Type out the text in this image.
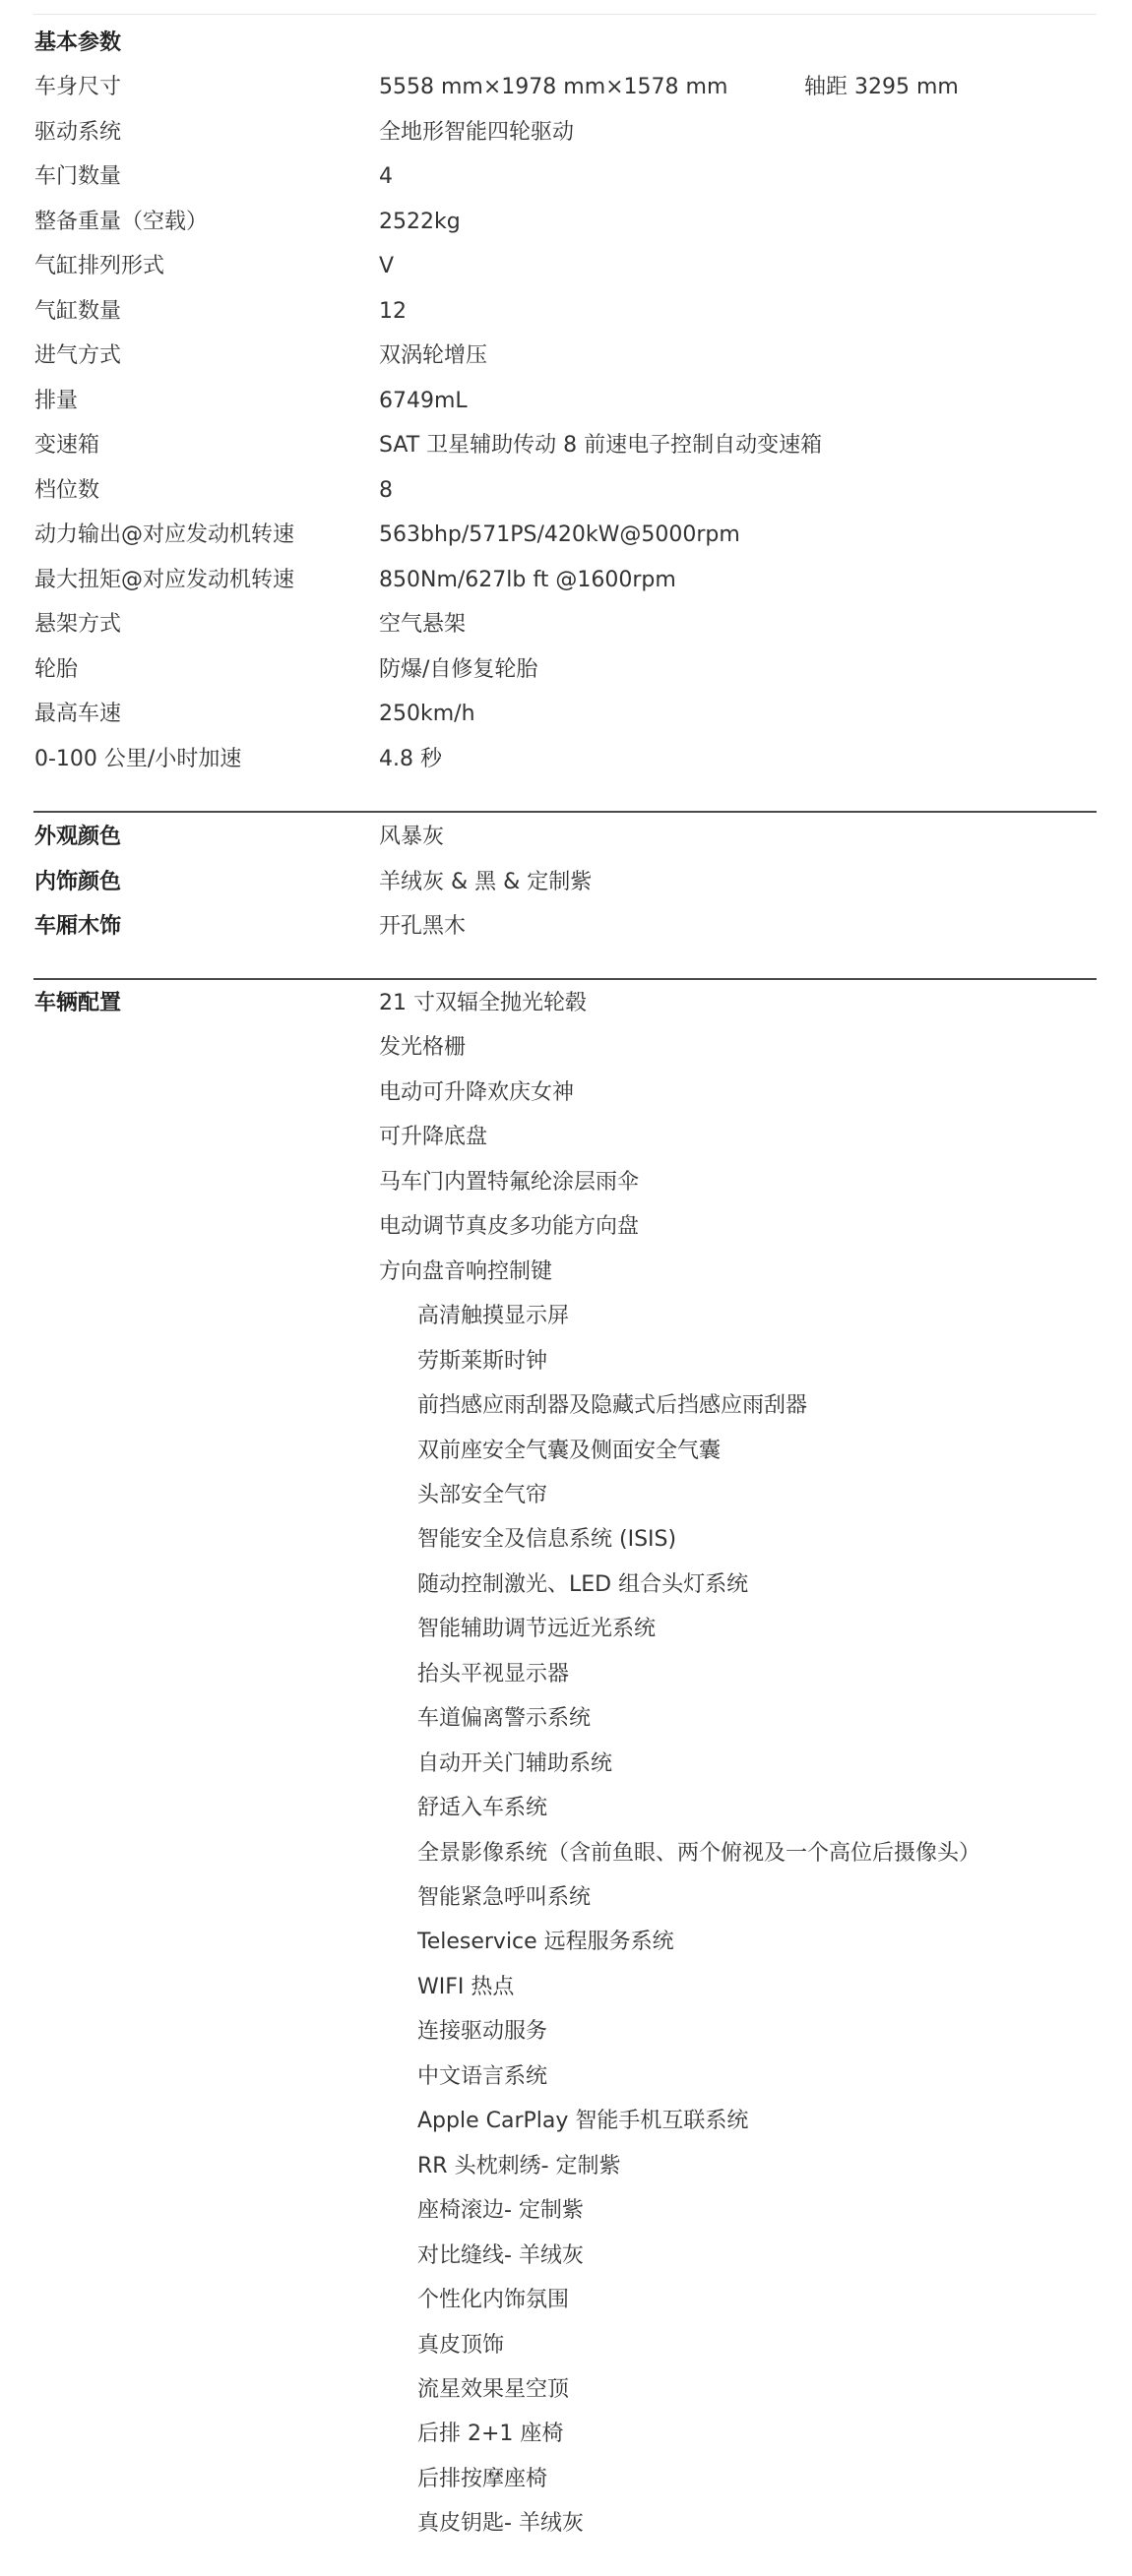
基本参数
车身尺寸	5558 mm×1978 mm×1578 mm	轴距 3295 mm
驱动系统	全地形智能四轮驱动
车门数量	4
整备重量（空载）	2522kg
气缸排列形式	V
气缸数量	12
进气方式	双涡轮增压
排量	6749mL
变速箱	SAT 卫星辅助传动 8 前速电子控制自动变速箱
档位数	8
动力输出@对应发动机转速	563bhp/571PS/420kW@5000rpm
最大扭矩@对应发动机转速	850Nm/627lb ft @1600rpm
悬架方式	空气悬架
轮胎	防爆/自修复轮胎
最高车速	250km/h
0-100 公里/小时加速	4.8 秒
外观颜色	风暴灰
内饰颜色	羊绒灰 & 黑 & 定制紫
车厢木饰	开孔黑木
车辆配置	21 寸双辐全抛光轮毂
发光格栅
电动可升降欢庆女神
可升降底盘
马车门内置特氟纶涂层雨伞
电动调节真皮多功能方向盘
方向盘音响控制键
高清触摸显示屏
劳斯莱斯时钟
前挡感应雨刮器及隐藏式后挡感应雨刮器
双前座安全气囊及侧面安全气囊
头部安全气帘
智能安全及信息系统 (ISIS)
随动控制激光、LED 组合头灯系统
智能辅助调节远近光系统
抬头平视显示器
车道偏离警示系统
自动开关门辅助系统
舒适入车系统
全景影像系统（含前鱼眼、两个俯视及一个高位后摄像头）
智能紧急呼叫系统
Teleservice 远程服务系统
WIFI 热点
连接驱动服务
中文语言系统
Apple CarPlay 智能手机互联系统
RR 头枕刺绣- 定制紫
座椅滚边- 定制紫
对比缝线- 羊绒灰
个性化内饰氛围
真皮顶饰
流星效果星空顶
后排 2+1 座椅
后排按摩座椅
真皮钥匙- 羊绒灰
